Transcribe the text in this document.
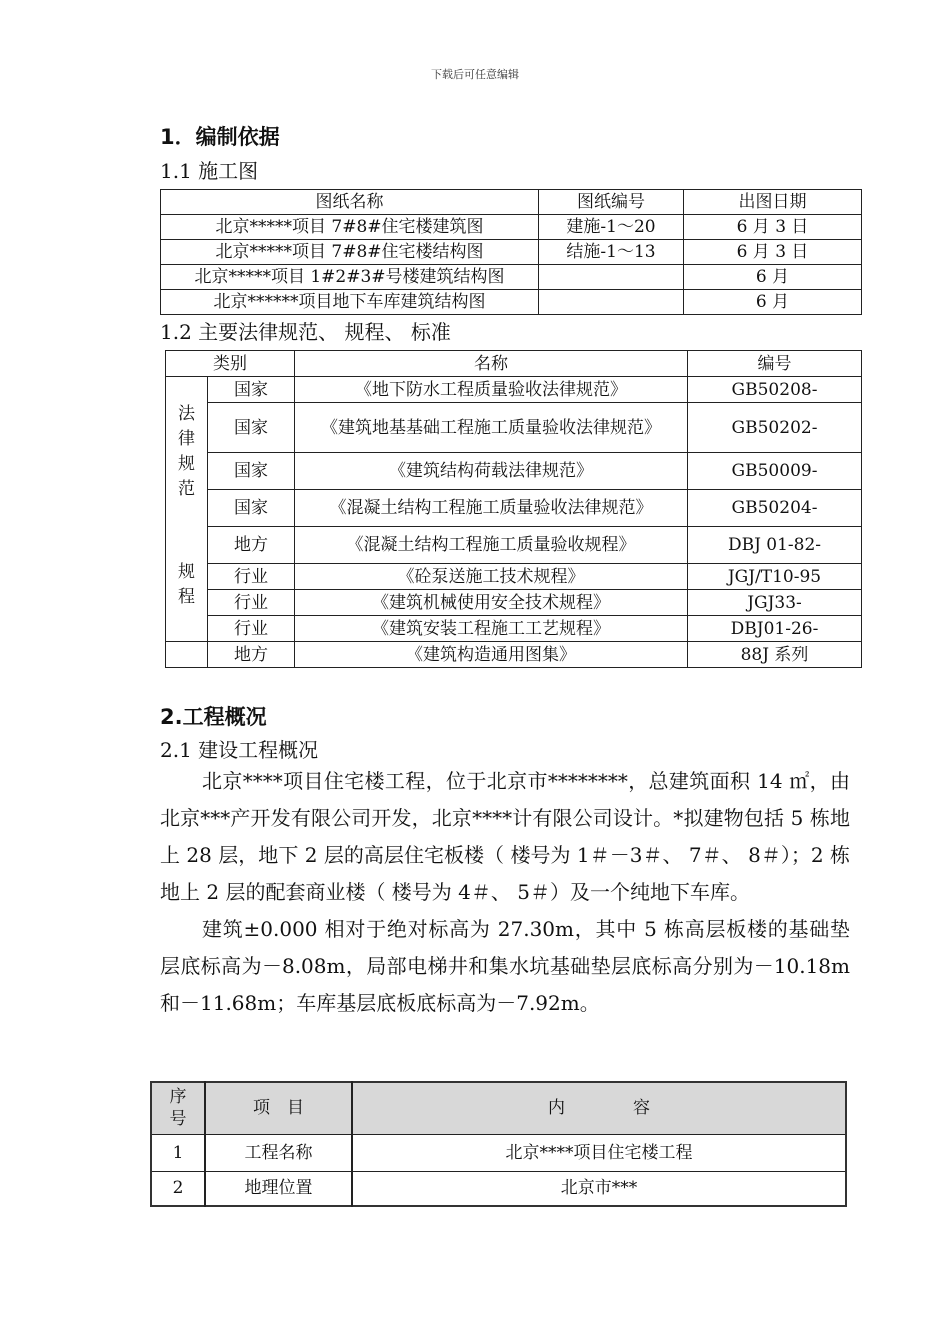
下载后可任意编辑
1．编制依据
1.1 施工图
图纸名称	图纸编号	出图日期
北京*****项目 7#8#住宅楼建筑图	建施-1～20	6 月 3 日
北京*****项目 7#8#住宅楼结构图	结施-1～13	6 月 3 日
北京*****项目 1#2#3#号楼建筑结构图		6 月
北京******项目地下车库建筑结构图		6 月
1.2 主要法律规范、 规程、 标准
类别		名称	编号

法律规范	国家	《地下防水工程质量验收法律规范》	GB50208-
	国家	《建筑地基基础工程施工质量验收法律规范》	GB50202-
	国家	《建筑结构荷载法律规范》	GB50009-
	国家	《混凝土结构工程施工质量验收法律规范》	GB50204-

规程	地方	《混凝土结构工程施工质量验收规程》	DBJ 01-82-
	行业	《砼泵送施工技术规程》	JGJ/T10-95
	行业	《建筑机械使用安全技术规程》	JGJ33-
	行业	《建筑安装工程施工工艺规程》	DBJ01-26-
	地方	《建筑构造通用图集》	88J 系列
2.工程概况
2.1 建设工程概况

北京****项目住宅楼工程，位于北京市********，总建筑面积 14 ㎡，由北京***产开发有限公司开发，北京****计有限公司设计。*拟建物包括 5 栋地上 28 层，地下 2 层的高层住宅板楼（ 楼号为 1＃－3＃、 7＃、 8＃）；2 栋地上 2 层的配套商业楼（ 楼号为 4＃、 5＃）及一个纯地下车库。

建筑±0.000 相对于绝对标高为 27.30m，其中 5 栋高层板楼的基础垫层底标高为－8.08m，局部电梯井和集水坑基础垫层底标高分别为－10.18m 和－11.68m；车库基层底板底标高为－7.92m。

序号	项　目	内　　　　容
1	工程名称	北京****项目住宅楼工程
2	地理位置	北京市***
